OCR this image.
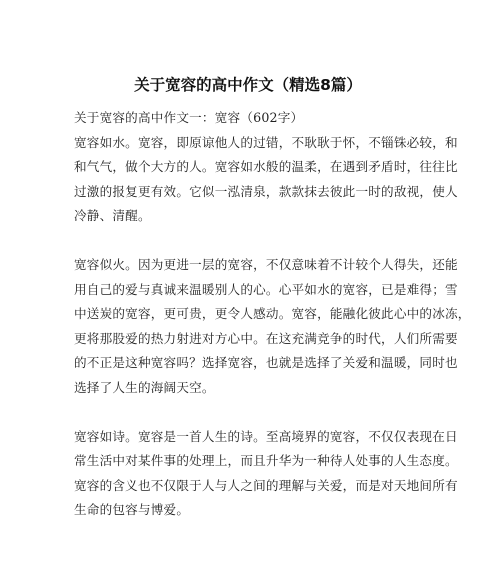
关于宽容的高中作文（精选8篇）

关于宽容的高中作文一：宽容（602字）

宽容如水。宽容，即原谅他人的过错，不耿耿于怀，不锱铢必较，和

和气气，做个大方的人。宽容如水般的温柔，在遇到矛盾时，往往比

过激的报复更有效。它似一泓清泉，款款抹去彼此一时的敌视，使人

冷静、清醒。

宽容似火。因为更进一层的宽容，不仅意味着不计较个人得失，还能

用自己的爱与真诚来温暖别人的心。心平如水的宽容，已是难得；雪

中送炭的宽容，更可贵，更令人感动。宽容，能融化彼此心中的冰冻，

更将那股爱的热力射进对方心中。在这充满竞争的时代，人们所需要

的不正是这种宽容吗？选择宽容，也就是选择了关爱和温暖，同时也

选择了人生的海阔天空。

宽容如诗。宽容是一首人生的诗。至高境界的宽容，不仅仅表现在日

常生活中对某件事的处理上，而且升华为一种待人处事的人生态度。

宽容的含义也不仅限于人与人之间的理解与关爱，而是对天地间所有

生命的包容与博爱。
